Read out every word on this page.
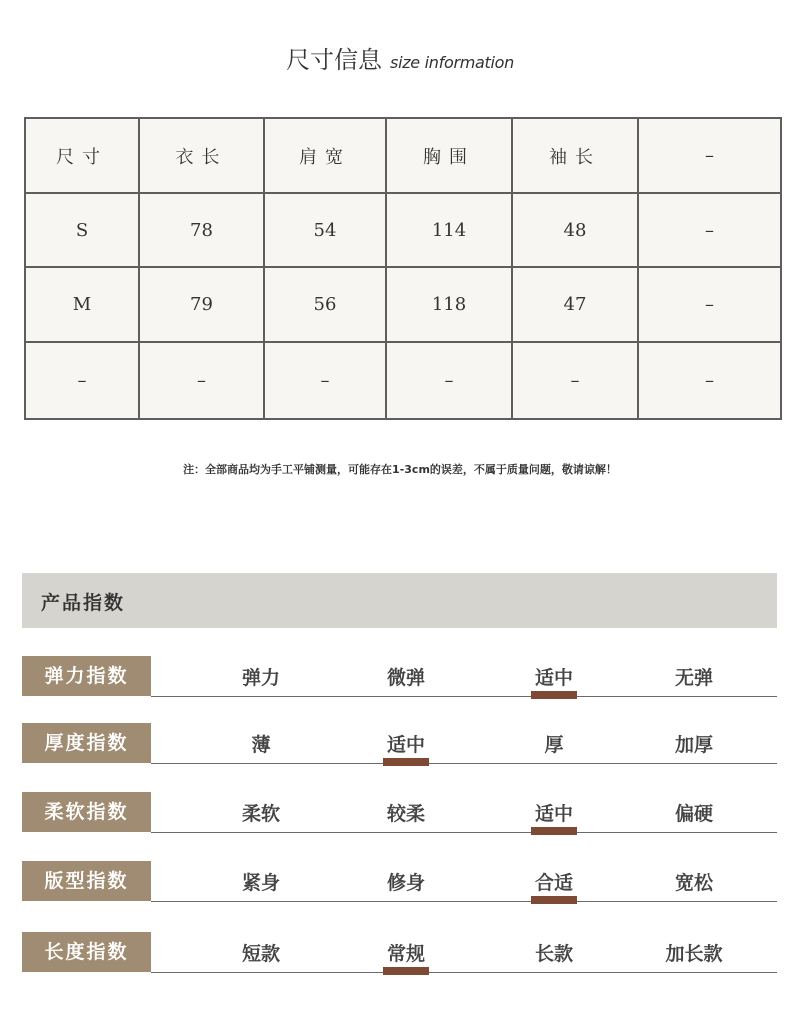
尺寸信息 size information
尺寸	衣长	肩宽	胸围	袖长	–
S	78	54	114	48	–
M	79	56	118	47	–
–	–	–	–	–	–
注：全部商品均为手工平铺测量，可能存在1-3cm的误差，不属于质量问题，敬请谅解！
产品指数
弹力指数	弹力	微弹	适中	无弹
厚度指数	薄	适中	厚	加厚
柔软指数	柔软	较柔	适中	偏硬
版型指数	紧身	修身	合适	宽松
长度指数	短款	常规	长款	加长款
